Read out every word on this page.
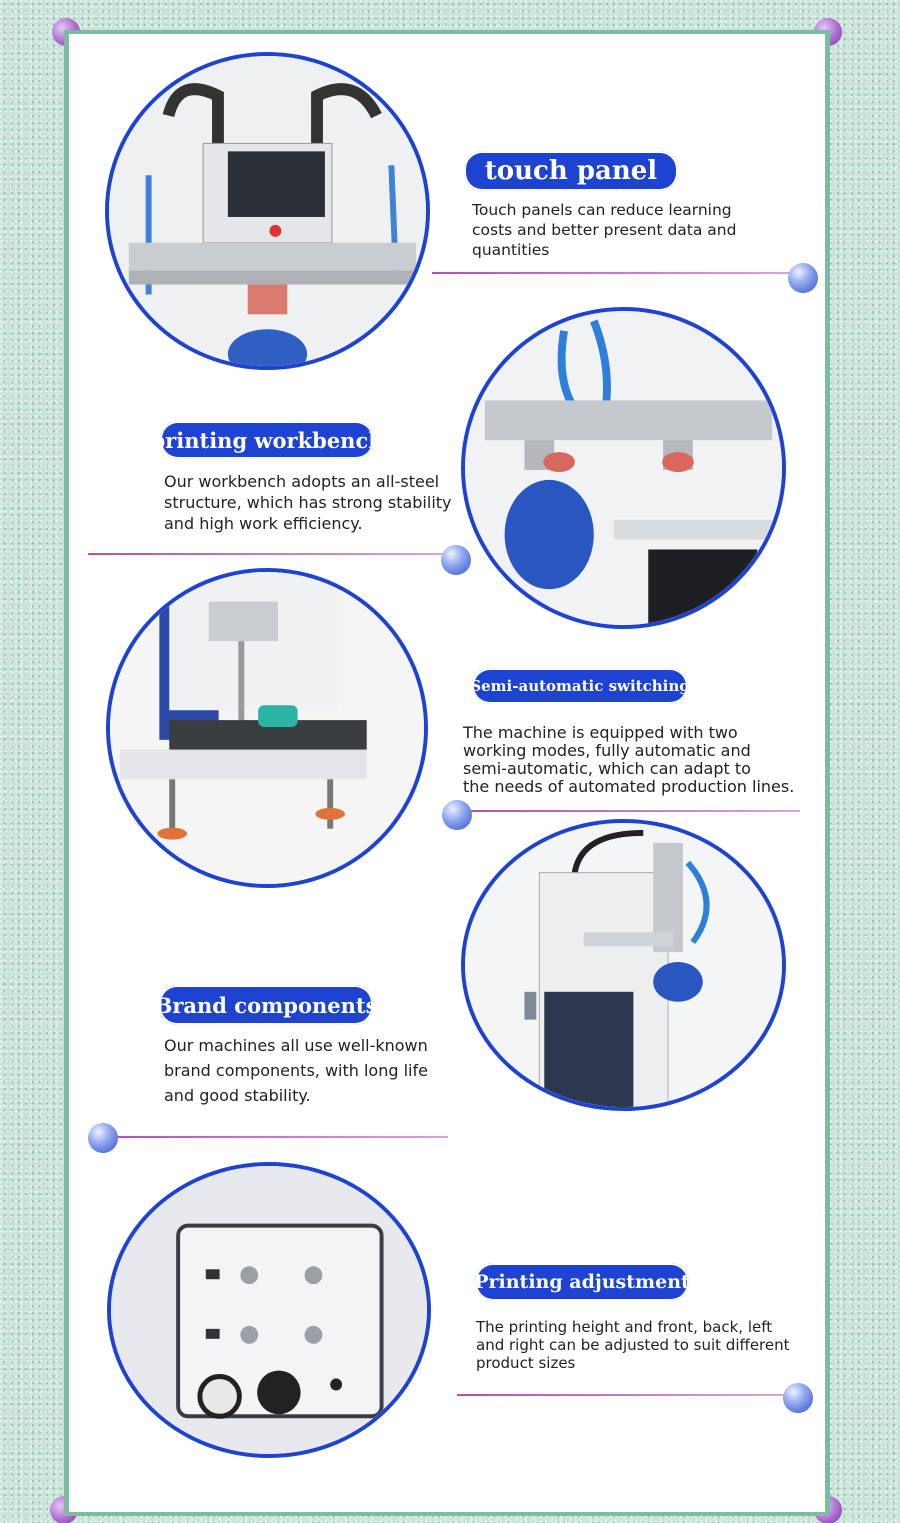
touch panel
Touch panels can reduce learning
costs and better present data and
quantities
printing workbench
Our workbench adopts an all-steel
structure, which has strong stability
and high work efficiency.
Semi-automatic switching
The machine is equipped with two
working modes, fully automatic and
semi-automatic, which can adapt to
the needs of automated production lines.
Brand components
Our machines all use well-known
brand components, with long life
and good stability.
Printing adjustment
The printing height and front, back, left
and right can be adjusted to suit different
product sizes
